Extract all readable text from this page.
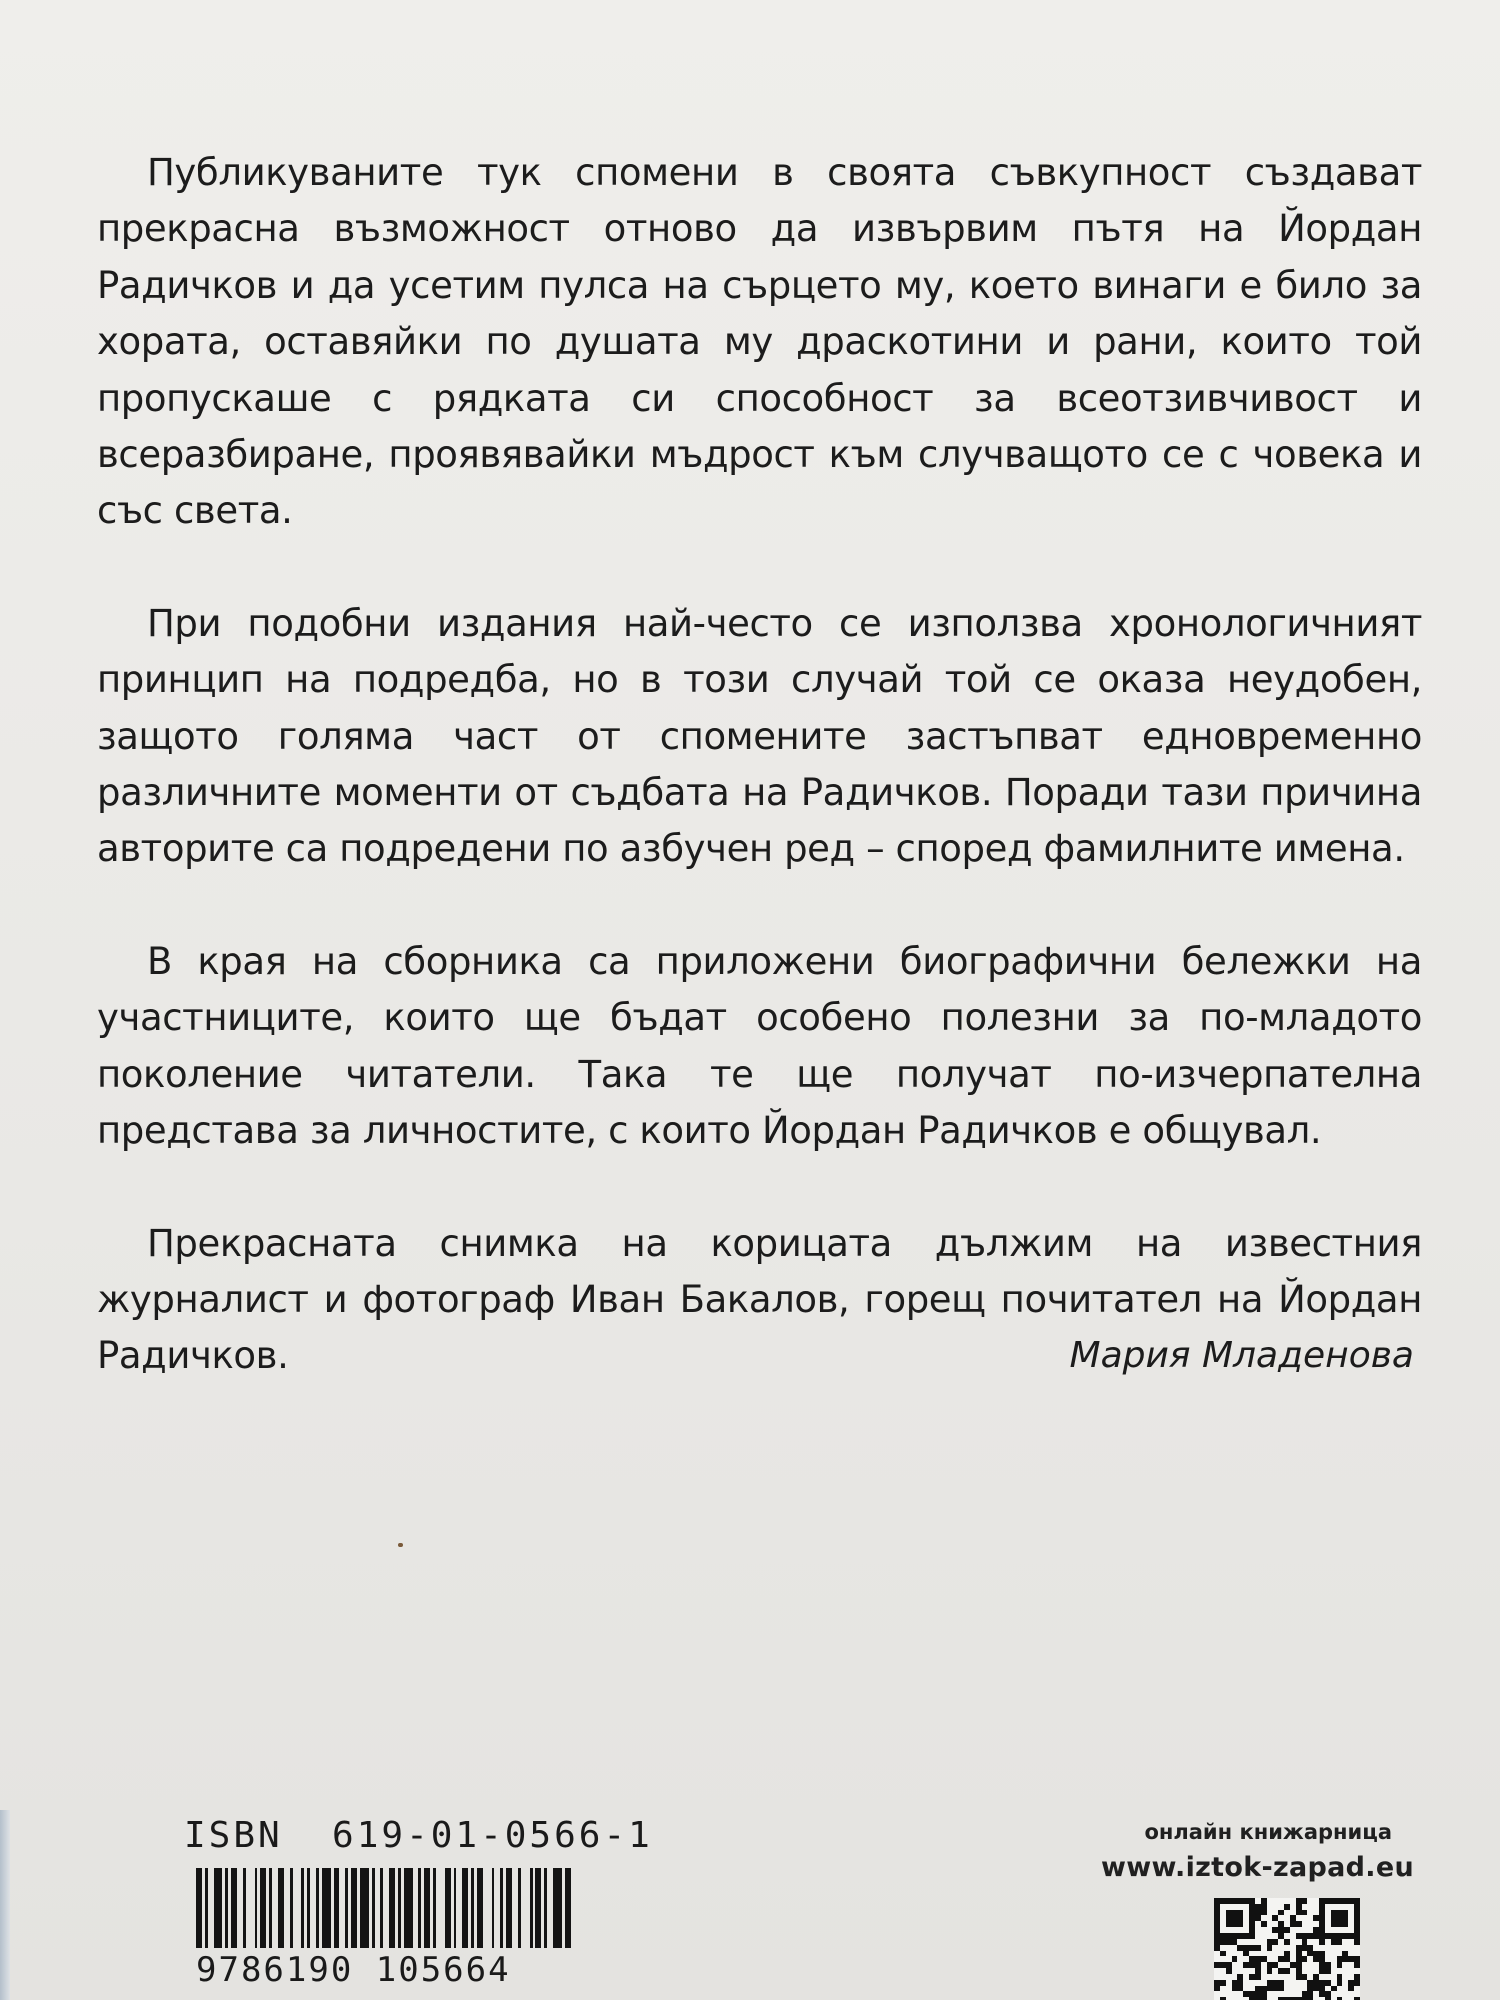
Публикуваните тук спомени в своята съвкупност създават прекрасна възможност отново да извървим пътя на Йордан Радичков и да усетим пулса на сърцето му, което винаги е било за хората, оставяйки по душата му драскотини и рани, които той пропускаше с рядката си способност за всеотзивчивост и всеразбиране, проявявайки мъдрост към случващото се с човека и със света.

При подобни издания най-често се използва хронологичният принцип на подредба, но в този случай той се оказа неудобен, защото голяма част от спомените застъпват едновременно различните моменти от съдбата на Радичков. Поради тази причина авторите са подредени по азбучен ред – според фамилните имена.

В края на сборника са приложени биографични бележки на участниците, които ще бъдат особено полезни за по-младото поколение читатели. Така те ще получат по-изчерпателна представа за личностите, с които Йордан Радичков е общувал.

Прекрасната снимка на корицата дължим на известния журналист и фотограф Иван Бакалов, горещ почитател на Йордан Радичков.	Мария Младенова
ISBN  619-01-0566-1
9786190 105664
онлайн книжарница
www.iztok-zapad.eu
